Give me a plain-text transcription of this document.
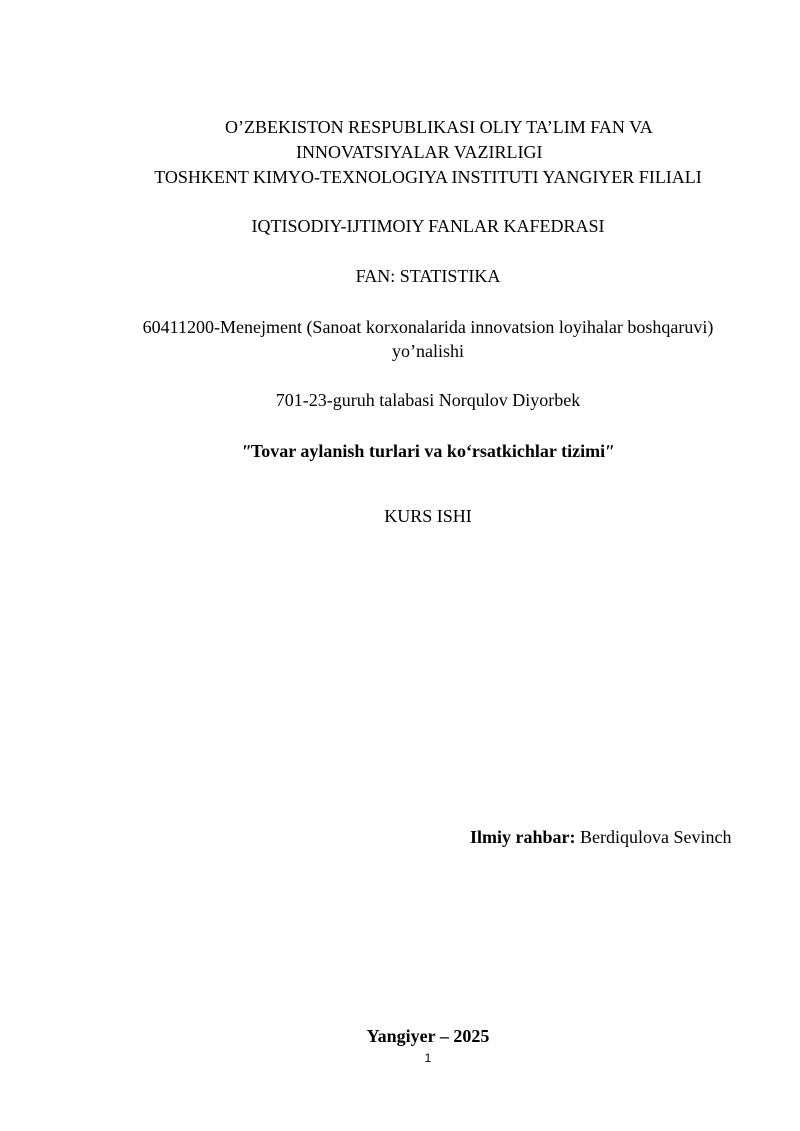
O’ZBEKISTON RESPUBLIKASI OLIY TA’LIM FAN VA
INNOVATSIYALAR VAZIRLIGI
TOSHKENT KIMYO-TEXNOLOGIYA INSTITUTI YANGIYER FILIALI
IQTISODIY-IJTIMOIY FANLAR KAFEDRASI
FAN: STATISTIKA
60411200-Menejment (Sanoat korxonalarida innovatsion loyihalar boshqaruvi)
yo’nalishi
701-23-guruh talabasi Norqulov Diyorbek
ʺTovar aylanish turlari va koʻrsatkichlar tizimiʺ
KURS ISHI
Ilmiy rahbar: Berdiqulova Sevinch
Yangiyer – 2025
1
